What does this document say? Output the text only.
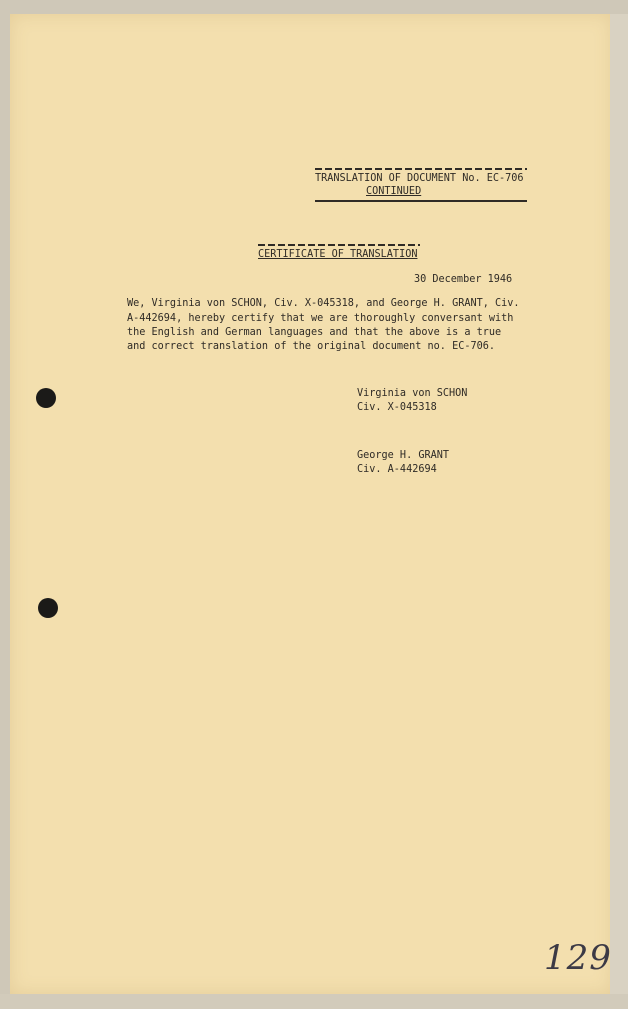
TRANSLATION OF DOCUMENT No. EC-706
CONTINUED
CERTIFICATE OF TRANSLATION
30 December 1946
We, Virginia von SCHON, Civ. X-045318, and George H. GRANT, Civ.
A-442694, hereby certify that we are thoroughly conversant with
the English and German languages and that the above is a true
and correct translation of the original document no. EC-706.
Virginia von SCHON
Civ. X-045318
George H. GRANT
Civ. A-442694
129
